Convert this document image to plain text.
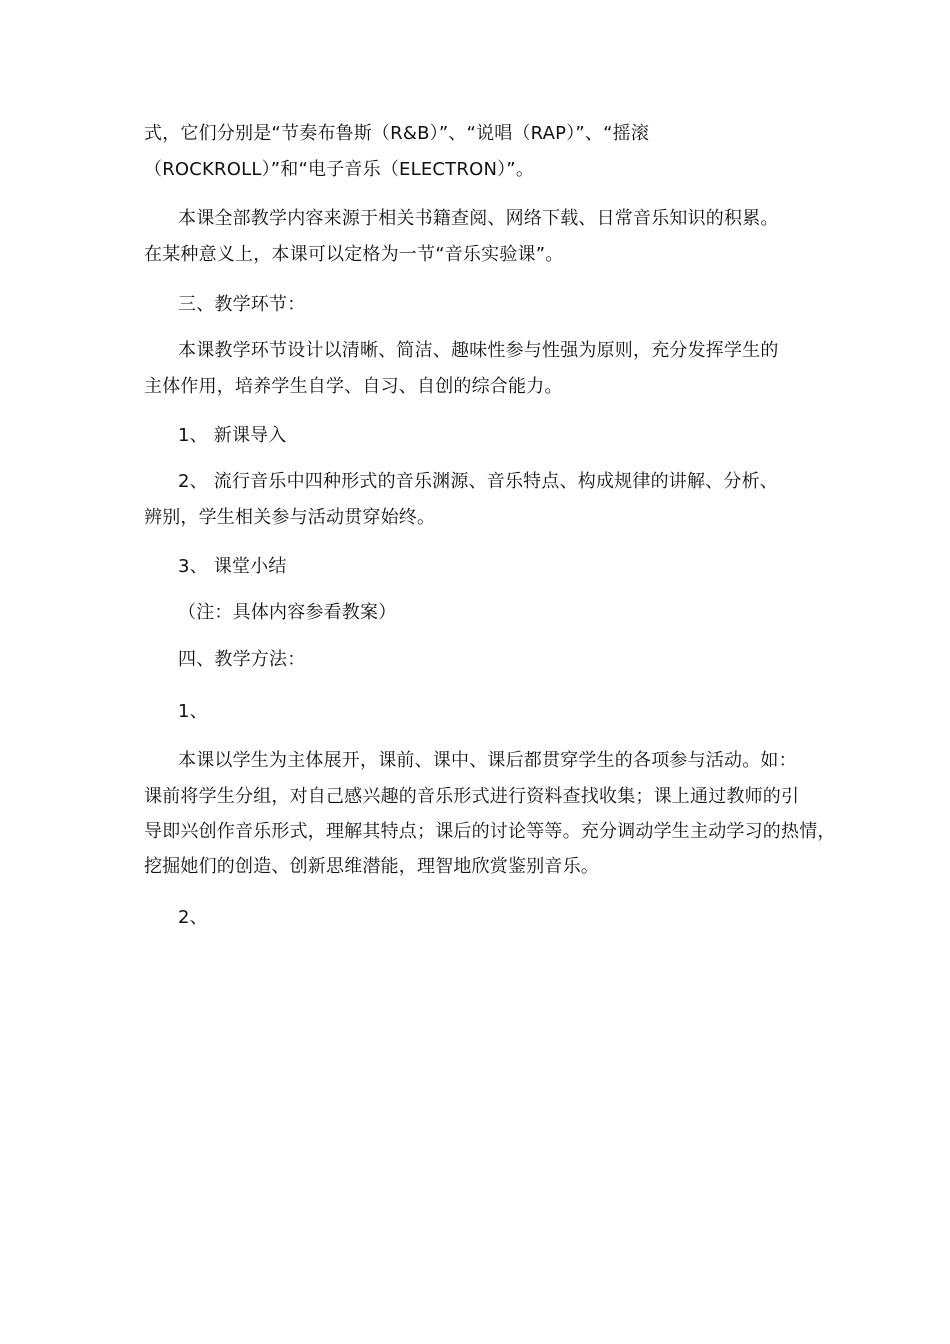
式，它们分别是“节奏布鲁斯（R&B）”、“说唱（RAP）”、“摇滚
（ROCKROLL）”和“电子音乐（ELECTRON）”。
本课全部教学内容来源于相关书籍查阅、网络下载、日常音乐知识的积累。
在某种意义上，本课可以定格为一节“音乐实验课”。
三、教学环节：
本课教学环节设计以清晰、简洁、趣味性参与性强为原则，充分发挥学生的
主体作用，培养学生自学、自习、自创的综合能力。
1、 新课导入
2、 流行音乐中四种形式的音乐渊源、音乐特点、构成规律的讲解、分析、
辨别，学生相关参与活动贯穿始终。
3、 课堂小结
（注：具体内容参看教案）
四、教学方法：
1、
本课以学生为主体展开，课前、课中、课后都贯穿学生的各项参与活动。如：
课前将学生分组，对自己感兴趣的音乐形式进行资料查找收集；课上通过教师的引
导即兴创作音乐形式，理解其特点；课后的讨论等等。充分调动学生主动学习的热情，
挖掘她们的创造、创新思维潜能，理智地欣赏鉴别音乐。
2、
